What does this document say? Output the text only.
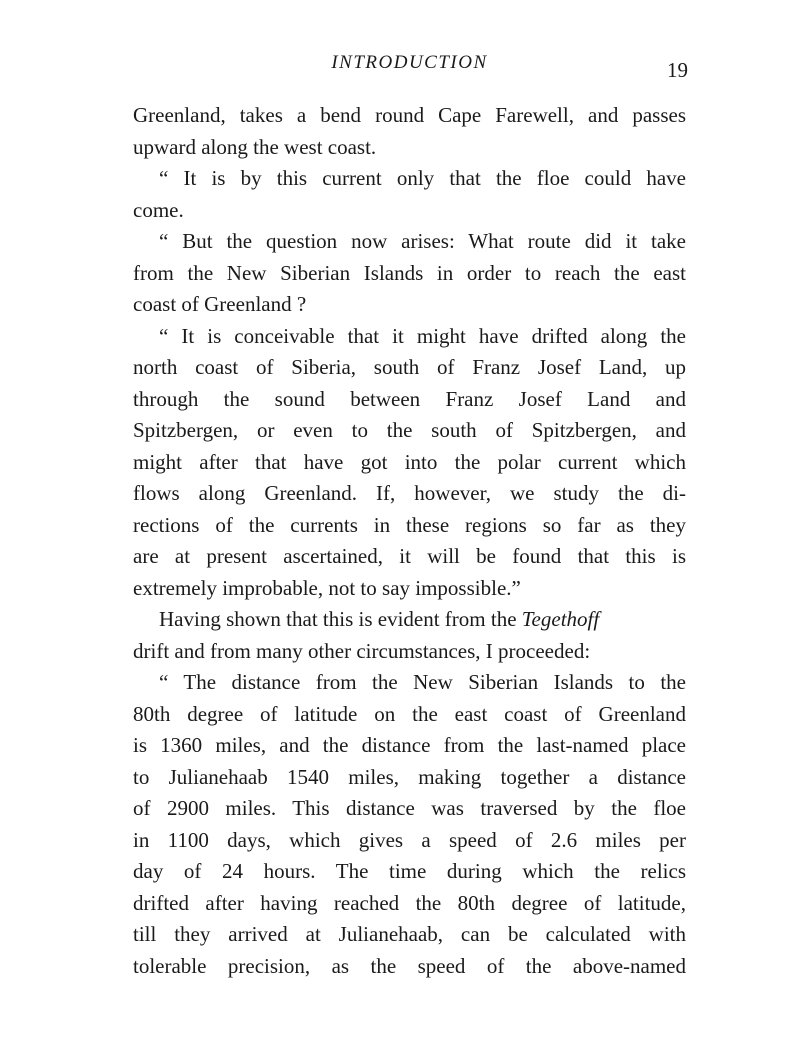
INTRODUCTION	19
Greenland, takes a bend round Cape Farewell, and passes
upward along the west coast.
“ It is by this current only that the floe could have
come.
“ But the question now arises: What route did it take
from the New Siberian Islands in order to reach the east
coast of Greenland ?
“ It is conceivable that it might have drifted along the
north coast of Siberia, south of Franz Josef Land, up
through the sound between Franz Josef Land and
Spitzbergen, or even to the south of Spitzbergen, and
might after that have got into the polar current which
flows along Greenland. If, however, we study the di-
rections of the currents in these regions so far as they
are at present ascertained, it will be found that this is
extremely improbable, not to say impossible.”
Having shown that this is evident from the Tegethoff
drift and from many other circumstances, I proceeded:
“ The distance from the New Siberian Islands to the
80th degree of latitude on the east coast of Greenland
is 1360 miles, and the distance from the last-named place
to Julianehaab 1540 miles, making together a distance
of 2900 miles. This distance was traversed by the floe
in 1100 days, which gives a speed of 2.6 miles per
day of 24 hours. The time during which the relics
drifted after having reached the 80th degree of latitude,
till they arrived at Julianehaab, can be calculated with
tolerable precision, as the speed of the above-named
